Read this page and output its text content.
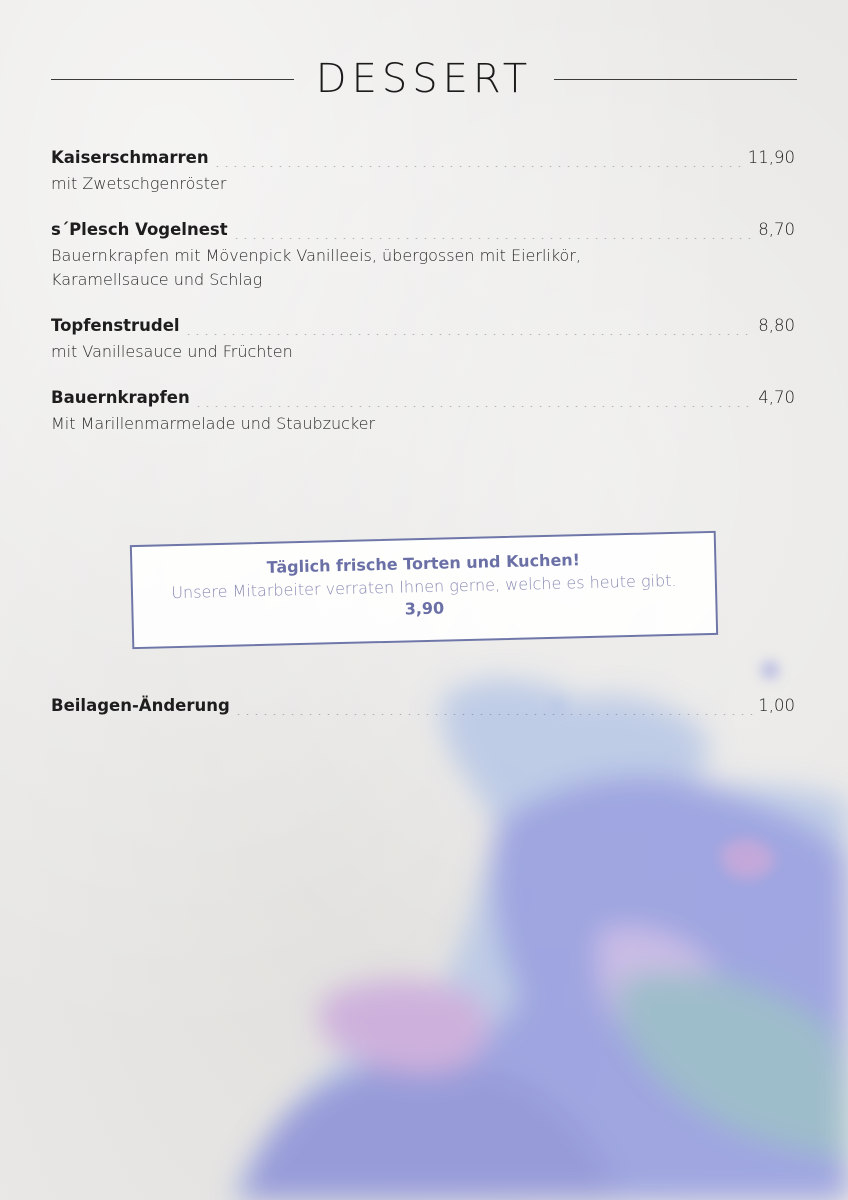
DESSERT
Kaiserschmarren	11,90
mit Zwetschgenröster
s´Plesch Vogelnest	8,70
Bauernkrapfen mit Mövenpick Vanilleeis, übergossen mit Eierlikör,
Karamellsauce und Schlag
Topfenstrudel	8,80
mit Vanillesauce und Früchten
Bauernkrapfen	4,70
Mit Marillenmarmelade und Staubzucker
Täglich frische Torten und Kuchen!
Unsere Mitarbeiter verraten Ihnen gerne, welche es heute gibt.
3,90
Beilagen-Änderung	1,00
